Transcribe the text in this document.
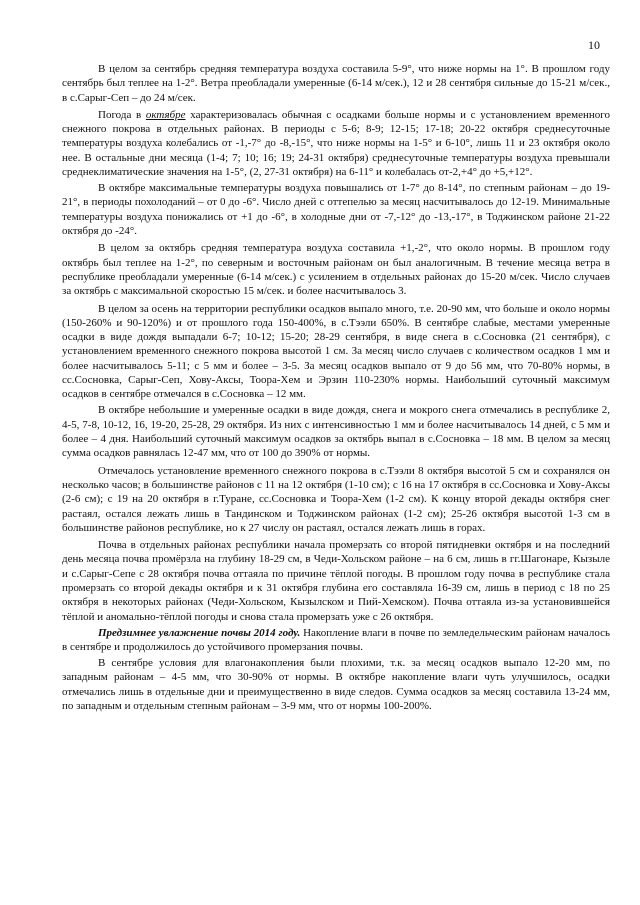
10

В целом за сентябрь средняя температура воздуха составила 5-9°, что ниже нормы на 1°. В прошлом году сентябрь был теплее на 1-2°. Ветра преобладали умеренные (6-14 м/сек.), 12 и 28 сентября сильные до 15-21 м/сек., в с.Сарыг-Сеп – до 24 м/сек.

Погода в октябре характеризовалась обычная с осадками больше нормы и с установлением временного снежного покрова в отдельных районах. В периоды с 5-6; 8-9; 12-15; 17-18; 20-22 октября среднесуточные температуры воздуха колебались от -1,-7° до -8,-15°, что ниже нормы на 1-5° и 6-10°, лишь 11 и 23 октября около нее. В остальные дни месяца (1-4; 7; 10; 16; 19; 24-31 октября) среднесуточные температуры воздуха превышали среднеклиматические значения на 1-5°, (2, 27-31 октября) на 6-11° и колебалась от-2,+4° до +5,+12°.

В октябре максимальные температуры воздуха повышались от 1-7° до 8-14°, по степным районам – до 19-21°, в периоды похолоданий – от 0 до -6°. Число дней с оттепелью за месяц насчитывалось до 12-19. Минимальные температуры воздуха понижались от +1 до -6°, в холодные дни от -7,-12° до -13,-17°, в Тоджинском районе 21-22 октября до -24°.

В целом за октябрь средняя температура воздуха составила +1,-2°, что около нормы. В прошлом году октябрь был теплее на 1-2°, по северным и восточным районам он был аналогичным. В течение месяца ветра в республике преобладали умеренные (6-14 м/сек.) с усилением в отдельных районах до 15-20 м/сек. Число случаев за октябрь с максимальной скоростью 15 м/сек. и более насчитывалось 3.

В целом за осень на территории республики осадков выпало много, т.е. 20-90 мм, что больше и около нормы (150-260% и 90-120%) и от прошлого года 150-400%, в с.Тээли 650%. В сентябре слабые, местами умеренные осадки в виде дождя выпадали 6-7; 10-12; 15-20; 28-29 сентября, в виде снега в с.Сосновка (21 сентября), с установлением временного снежного покрова высотой 1 см. За месяц число случаев с количеством осадков 1 мм и более насчитывалось 5-11; с 5 мм и более – 3-5. За месяц осадков выпало от 9 до 56 мм, что 70-80% нормы, в сс.Сосновка, Сарыг-Сеп, Хову-Аксы, Тоора-Хем и Эрзин 110-230% нормы. Наибольший суточный максимум осадков в сентябре отмечался в с.Сосновка – 12 мм.

В октябре небольшие и умеренные осадки в виде дождя, снега и мокрого снега отмечались в республике 2, 4-5, 7-8, 10-12, 16, 19-20, 25-28, 29 октября. Из них с интенсивностью 1 мм и более насчитывалось 14 дней, с 5 мм и более – 4 дня. Наибольший суточный максимум осадков за октябрь выпал в с.Сосновка – 18 мм. В целом за месяц сумма осадков равнялась 12-47 мм, что от 100 до 390% от нормы.

Отмечалось установление временного снежного покрова в с.Тээли 8 октября высотой 5 см и сохранялся он несколько часов; в большинстве районов с 11 на 12 октября (1-10 см); с 16 на 17 октября в сс.Сосновка и Хову-Аксы (2-6 см); с 19 на 20 октября в г.Туране, сс.Сосновка и Тоора-Хем (1-2 см). К концу второй декады октября снег растаял, остался лежать лишь в Тандинском и Тоджинском районах (1-2 см); 25-26 октября высотой 1-3 см в большинстве районов республике, но к 27 числу он растаял, остался лежать лишь в горах.

Почва в отдельных районах республики начала промерзать со второй пятидневки октября и на последний день месяца почва промёрзла на глубину 18-29 см, в Чеди-Хольском районе – на 6 см, лишь в гг.Шагонаре, Кызыле и с.Сарыг-Сепе с 28 октября почва оттаяла по причине тёплой погоды. В прошлом году почва в республике стала промерзать со второй декады октября и к 31 октября глубина его составляла 16-39 см, лишь в период с 18 по 25 октября в некоторых районах (Чеди-Хольском, Кызылском и Пий-Хемском). Почва оттаяла из-за установившейся тёплой и аномально-тёплой погоды и снова стала промерзать уже с 26 октября.

Предзимнее увлажнение почвы 2014 году. Накопление влаги в почве по земледельческим районам началось в сентябре и продолжилось до устойчивого промерзания почвы.

В сентябре условия для влагонакопления были плохими, т.к. за месяц осадков выпало 12-20 мм, по западным районам – 4-5 мм, что 30-90% от нормы. В октябре накопление влаги чуть улучшилось, осадки отмечались лишь в отдельные дни и преимущественно в виде следов. Сумма осадков за месяц составила 13-24 мм, по западным и отдельным степным районам – 3-9 мм, что от нормы 100-200%.
